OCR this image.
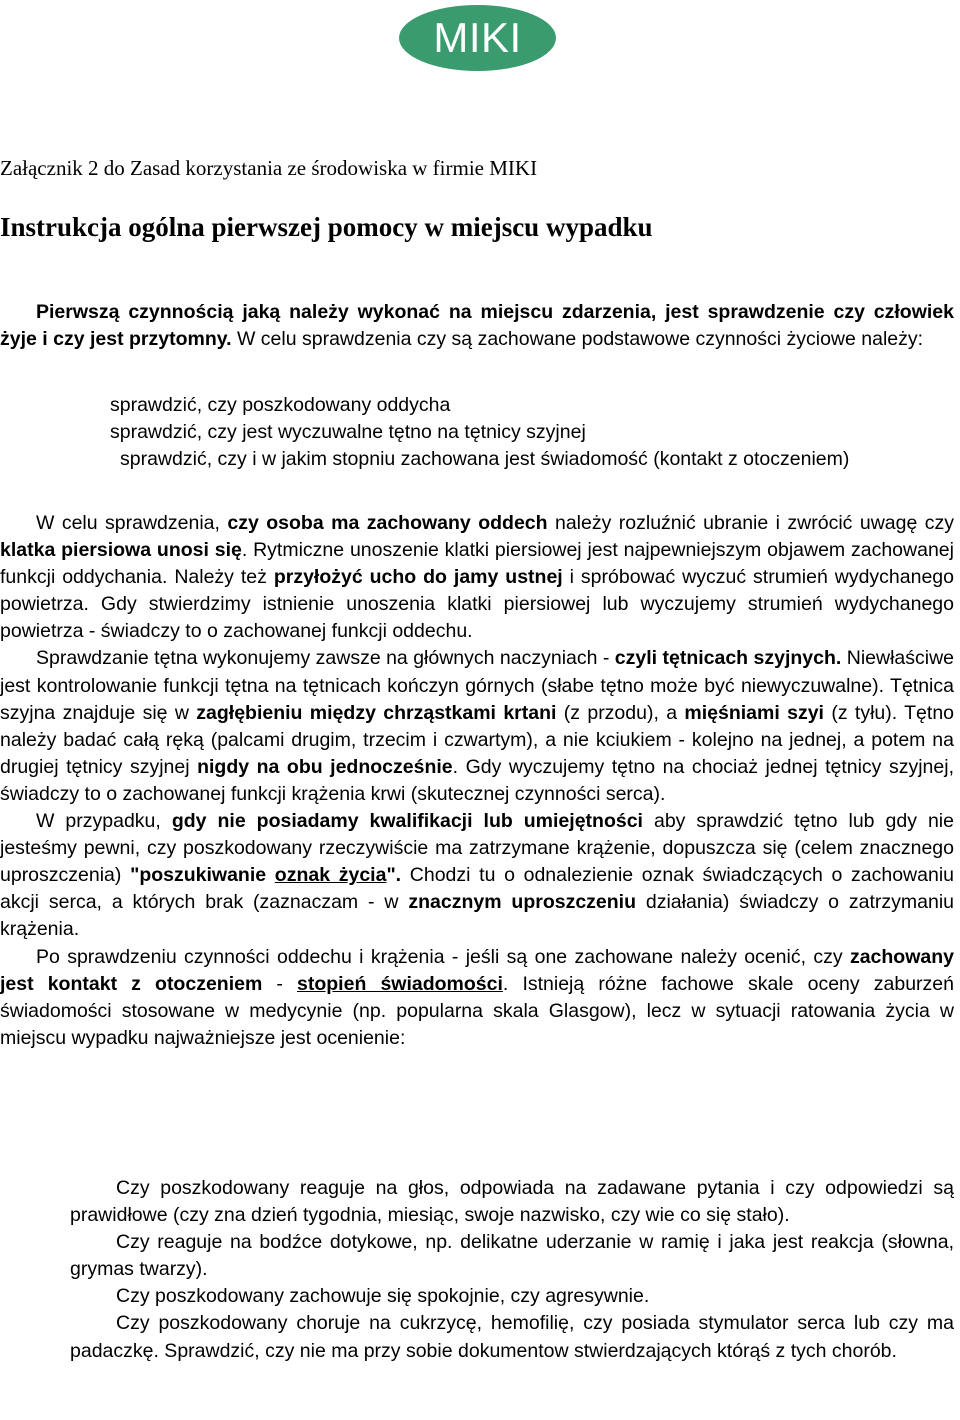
MIKI
Załącznik 2 do Zasad korzystania ze środowiska w firmie MIKI
Instrukcja ogólna pierwszej pomocy w miejscu wypadku

Pierwszą czynnością jaką należy wykonać na miejscu zdarzenia, jest sprawdzenie czy człowiek żyje i czy jest przytomny. W celu sprawdzenia czy są zachowane podstawowe czynności życiowe należy:

sprawdzić, czy poszkodowany oddycha
sprawdzić, czy jest wyczuwalne tętno na tętnicy szyjnej
sprawdzić, czy i w jakim stopniu zachowana jest świadomość (kontakt z otoczeniem)

W celu sprawdzenia, czy osoba ma zachowany oddech należy rozluźnić ubranie i zwrócić uwagę czy klatka piersiowa unosi się. Rytmiczne unoszenie klatki piersiowej jest najpewniejszym objawem zachowanej funkcji oddychania. Należy też przyłożyć ucho do jamy ustnej i spróbować wyczuć strumień wydychanego powietrza. Gdy stwierdzimy istnienie unoszenia klatki piersiowej lub wyczujemy strumień wydychanego powietrza - świadczy to o zachowanej funkcji oddechu.

Sprawdzanie tętna wykonujemy zawsze na głównych naczyniach - czyli tętnicach szyjnych. Niewłaściwe jest kontrolowanie funkcji tętna na tętnicach kończyn górnych (słabe tętno może być niewyczuwalne). Tętnica szyjna znajduje się w zagłębieniu między chrząstkami krtani (z przodu), a mięśniami szyi (z tyłu). Tętno należy badać całą ręką (palcami drugim, trzecim i czwartym), a nie kciukiem - kolejno na jednej, a potem na drugiej tętnicy szyjnej nigdy na obu jednocześnie. Gdy wyczujemy tętno na chociaż jednej tętnicy szyjnej, świadczy to o zachowanej funkcji krążenia krwi (skutecznej czynności serca).

W przypadku, gdy nie posiadamy kwalifikacji lub umiejętności aby sprawdzić tętno lub gdy nie jesteśmy pewni, czy poszkodowany rzeczywiście ma zatrzymane krążenie, dopuszcza się (celem znacznego uproszczenia) "poszukiwanie oznak życia". Chodzi tu o odnalezienie oznak świadczących o zachowaniu akcji serca, a których brak (zaznaczam - w znacznym uproszczeniu działania) świadczy o zatrzymaniu krążenia.

Po sprawdzeniu czynności oddechu i krążenia - jeśli są one zachowane należy ocenić, czy zachowany jest kontakt z otoczeniem - stopień świadomości. Istnieją różne fachowe skale oceny zaburzeń świadomości stosowane w medycynie (np. popularna skala Glasgow), lecz w sytuacji ratowania życia w miejscu wypadku najważniejsze jest ocenienie:

Czy poszkodowany reaguje na głos, odpowiada na zadawane pytania i czy odpowiedzi są prawidłowe (czy zna dzień tygodnia, miesiąc, swoje nazwisko, czy wie co się stało).
Czy reaguje na bodźce dotykowe, np. delikatne uderzanie w ramię i jaka jest reakcja (słowna, grymas twarzy).
Czy poszkodowany zachowuje się spokojnie, czy agresywnie.
Czy poszkodowany choruje na cukrzycę, hemofilię, czy posiada stymulator serca lub czy ma padaczkę. Sprawdzić, czy nie ma przy sobie dokumentow stwierdzających którąś z tych chorób.
